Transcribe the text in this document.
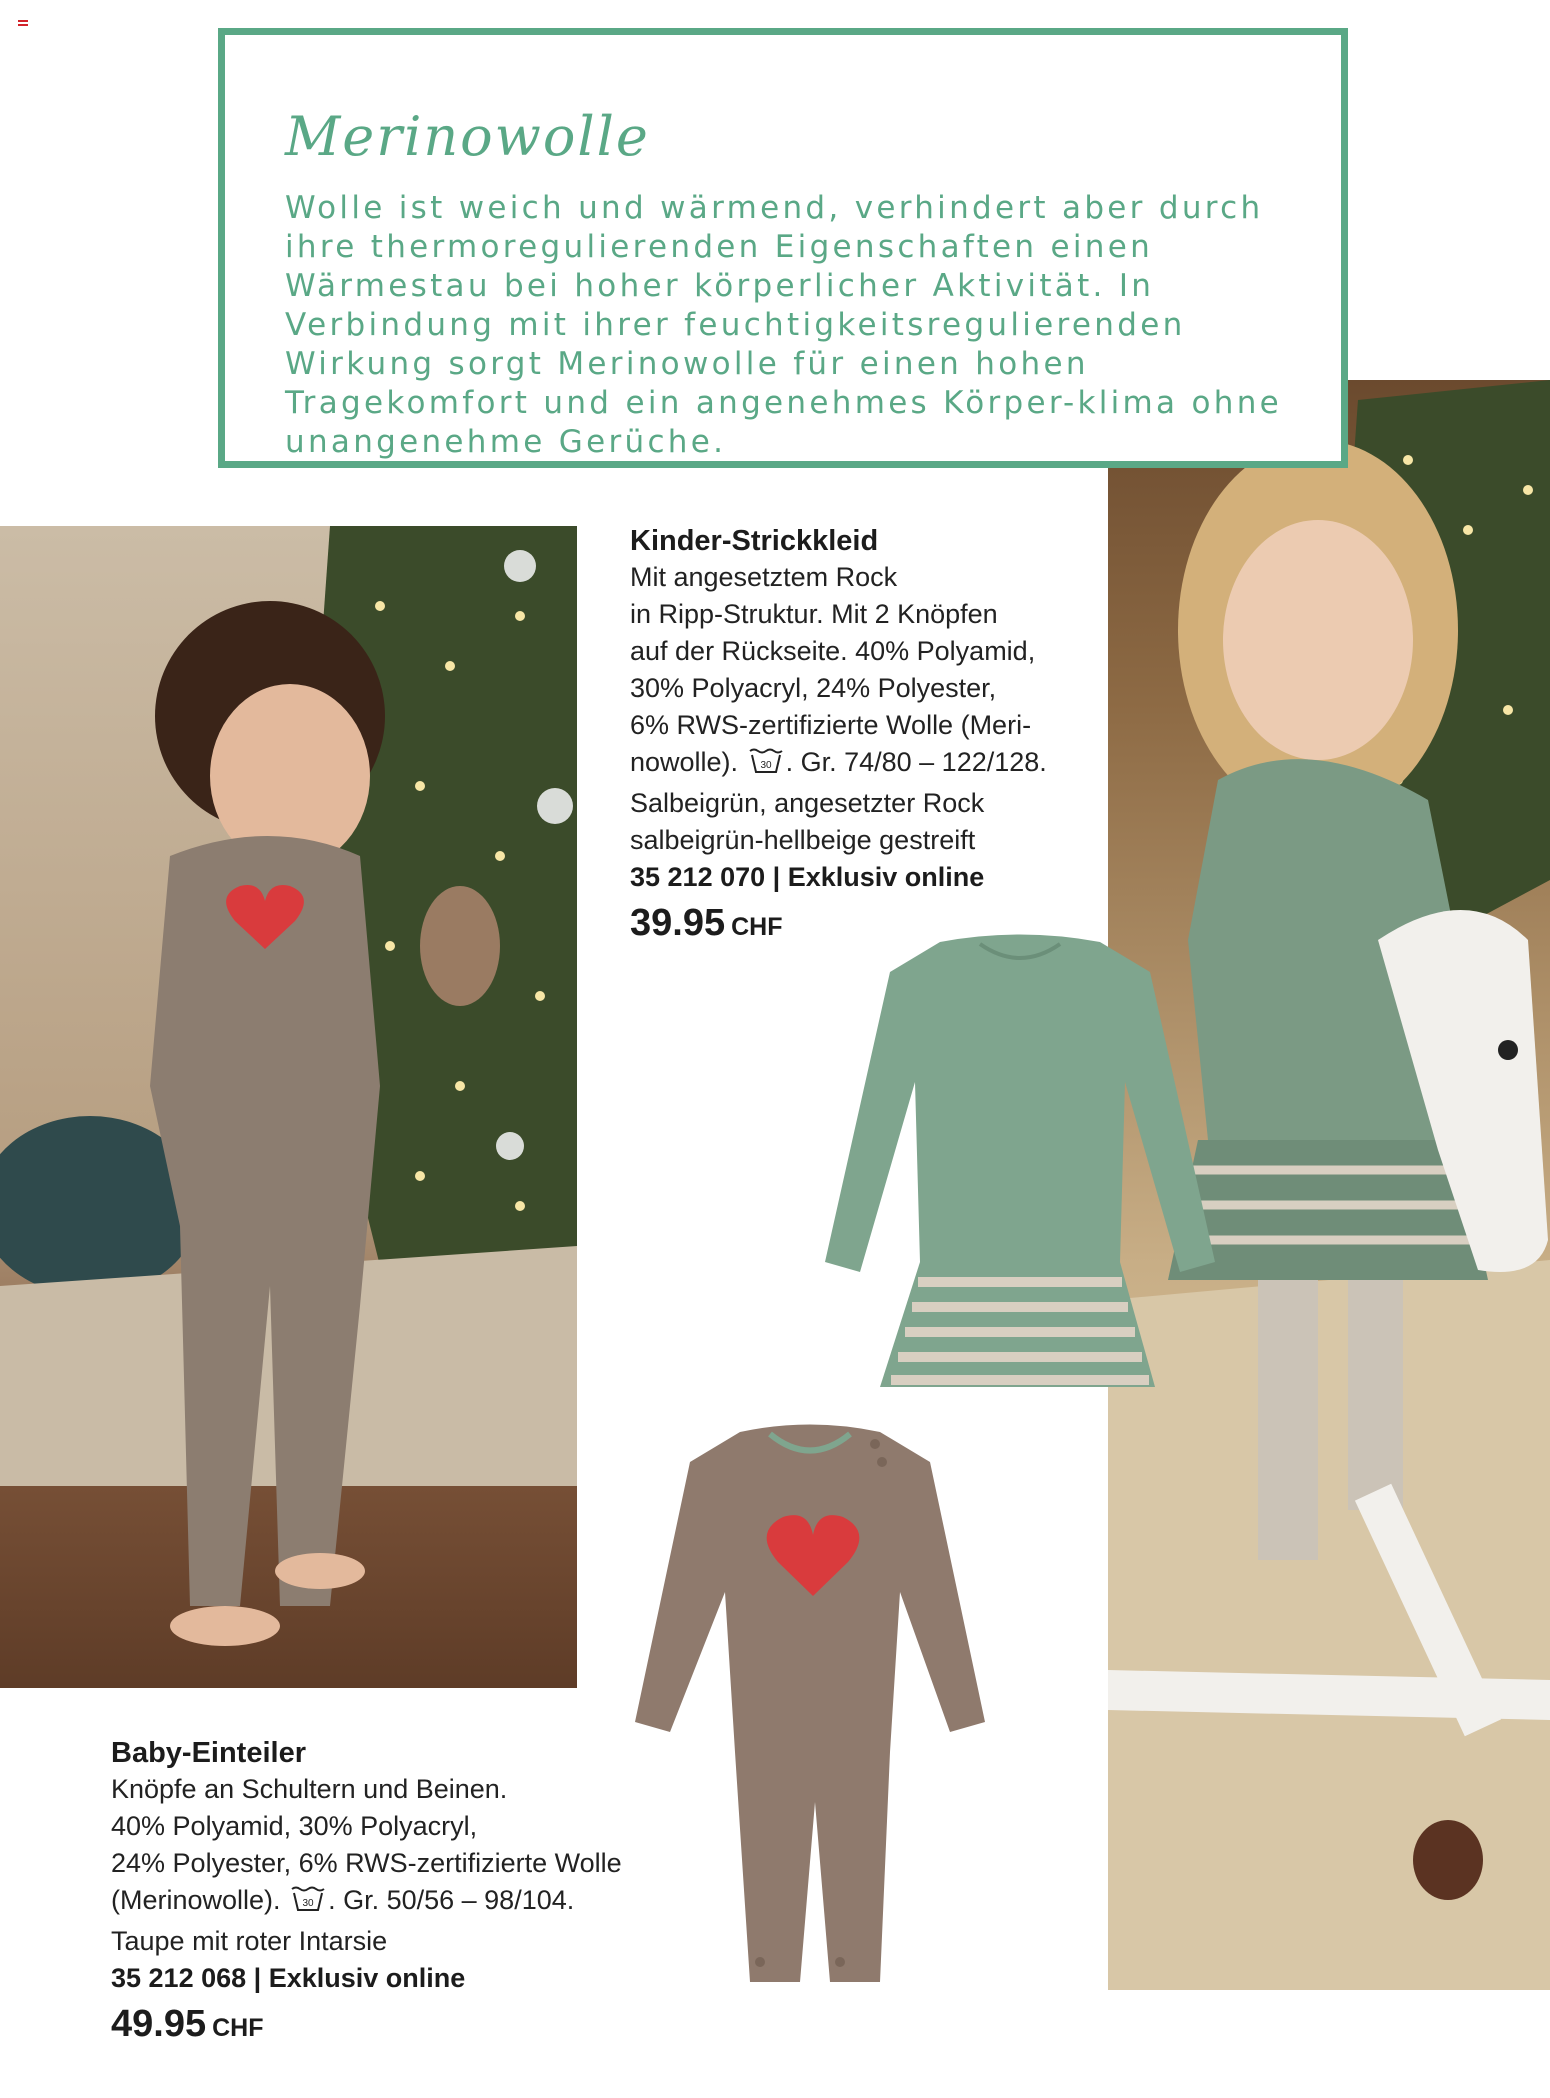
Merinowolle

Wolle ist weich und wärmend, verhindert aber durch ihre thermoregulierenden Eigenschaften einen Wärmestau bei hoher körperlicher Aktivität. In Verbindung mit ihrer feuchtigkeitsregulierenden Wirkung sorgt Merinowolle für einen hohen Tragekomfort und ein angenehmes Körper-klima ohne unangenehme Gerüche.

Kinder-Strickkleid

Mit angesetztem Rock

in Ripp-Struktur. Mit 2 Knöpfen

auf der Rückseite. 40% Polyamid,

30% Polyacryl, 24% Polyester,

6% RWS-zertifizierte Wolle (Meri-

nowolle). 30 . Gr. 74/80 – 122/128.

Salbeigrün, angesetzter Rock

salbeigrün-hellbeige gestreift

35 212 070 | Exklusiv online
39.95 CHF
Baby-Einteiler

Knöpfe an Schultern und Beinen.

40% Polyamid, 30% Polyacryl,

24% Polyester, 6% RWS-zertifizierte Wolle

(Merinowolle). 30 . Gr. 50/56 – 98/104.

Taupe mit roter Intarsie

35 212 068 | Exklusiv online
49.95 CHF
